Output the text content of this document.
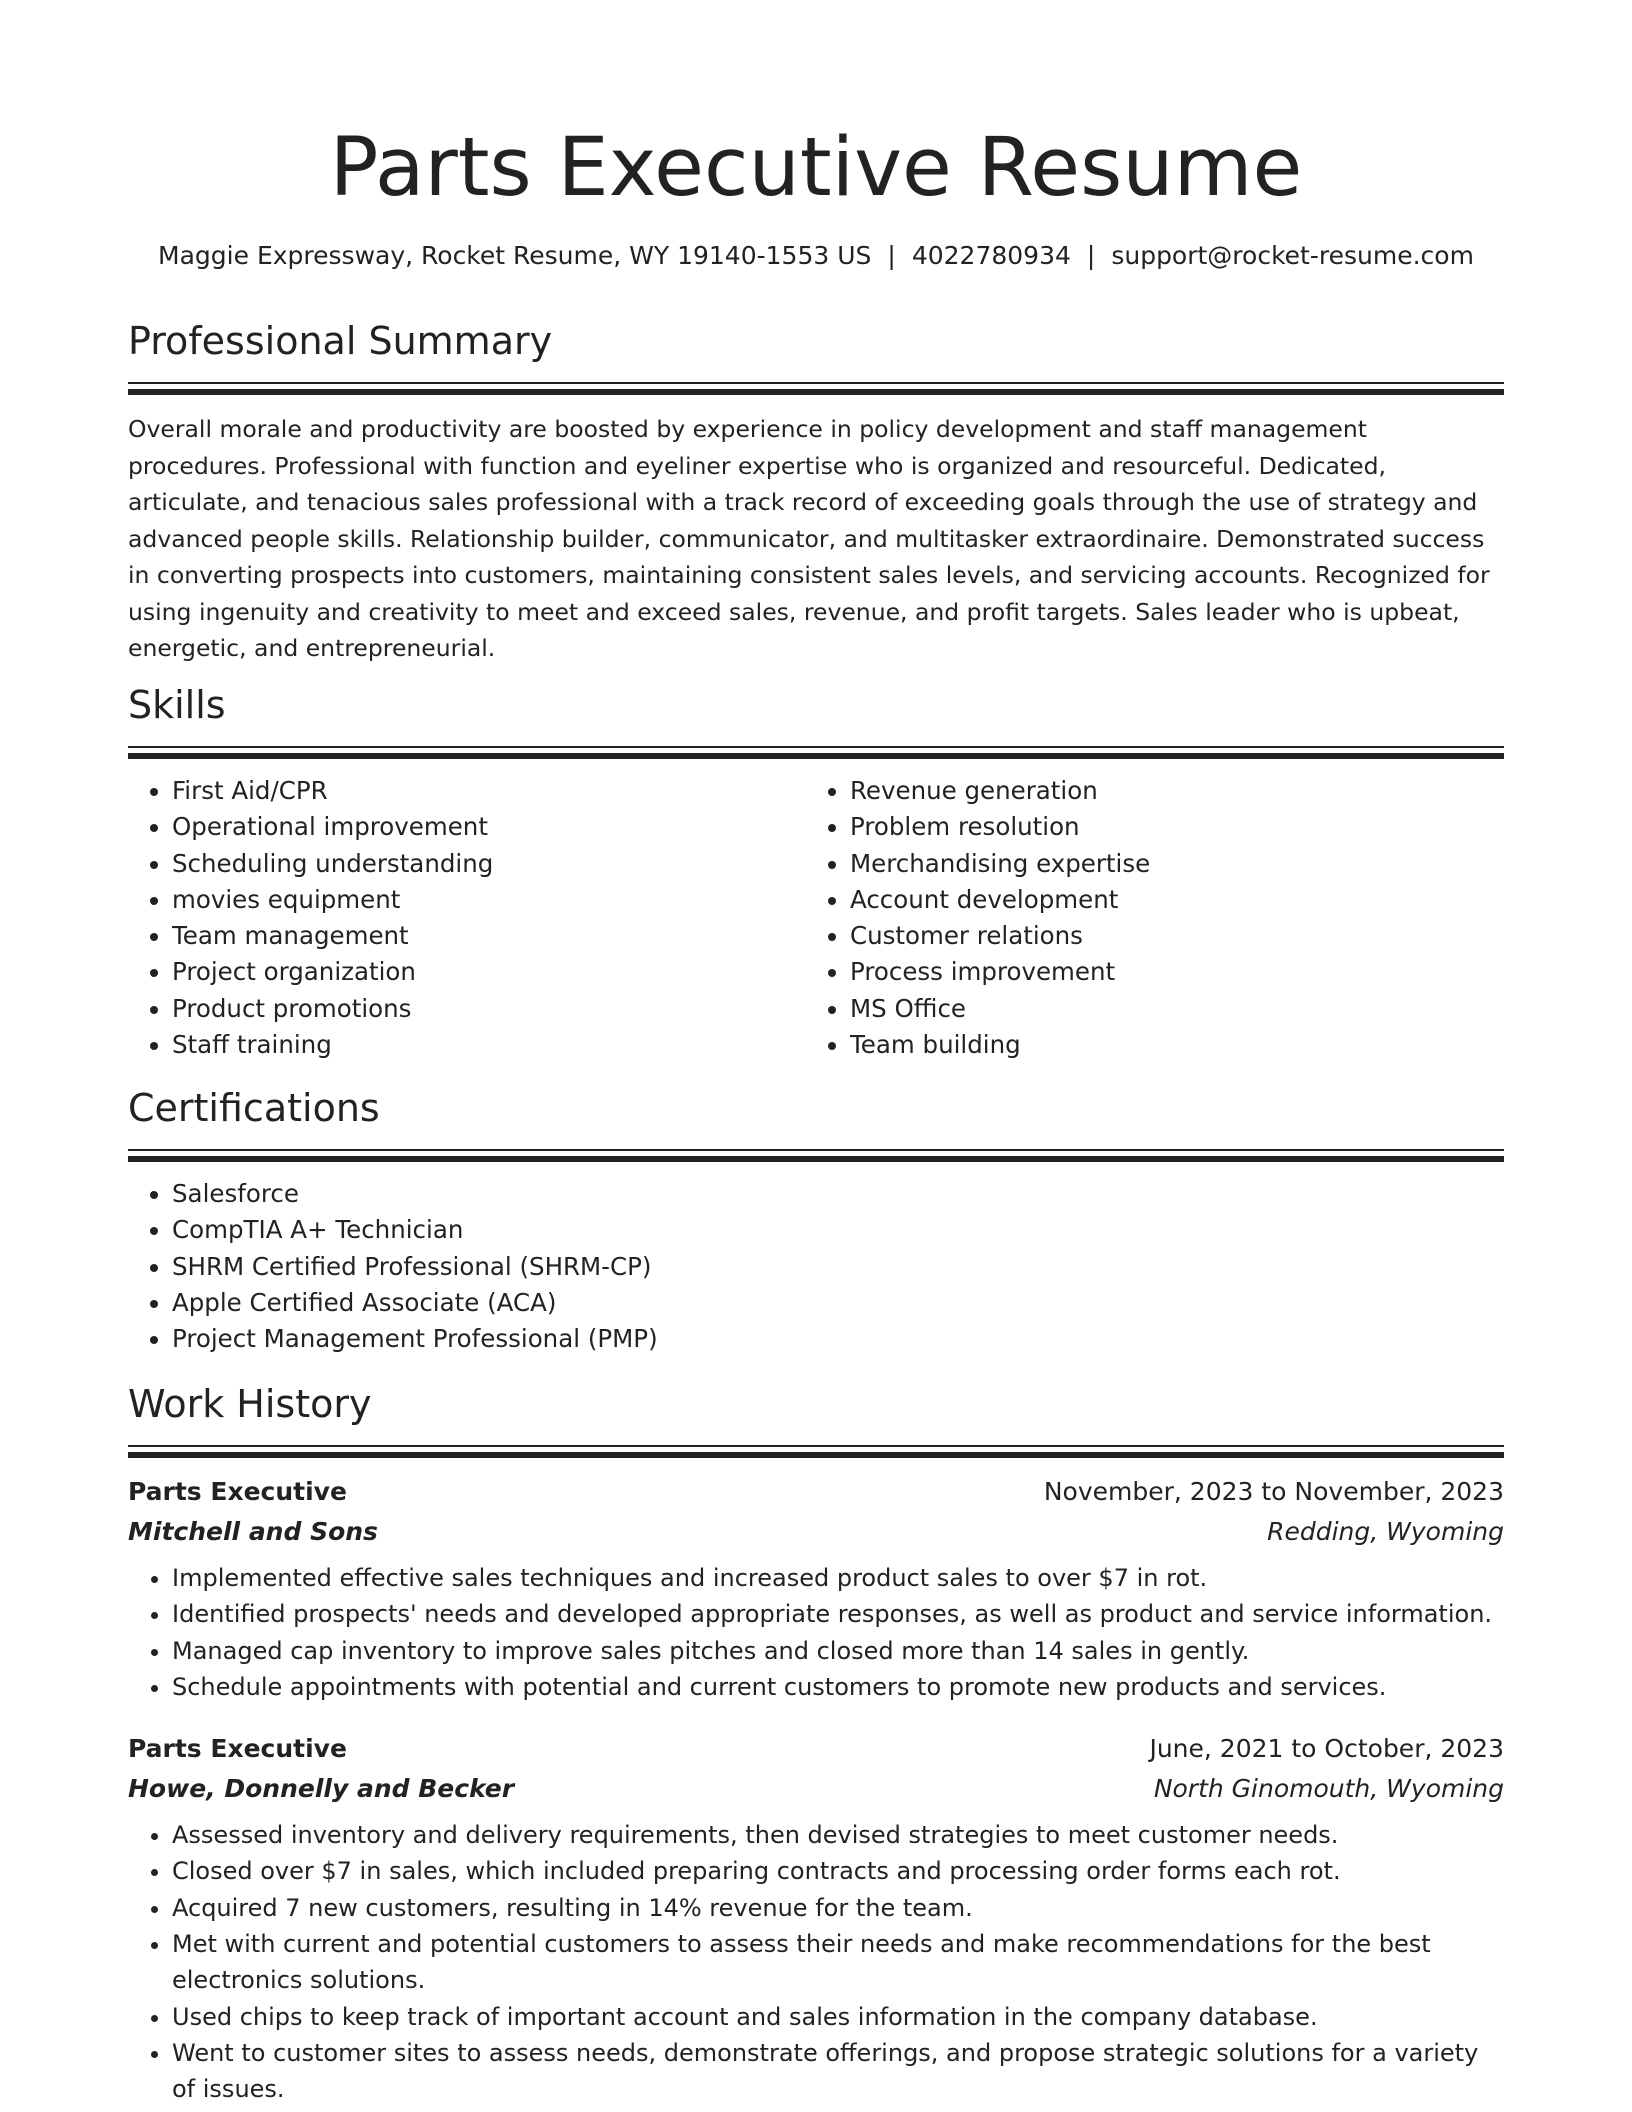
Parts Executive Resume
Maggie Expressway, Rocket Resume, WY 19140-1553 US | 4022780934 | support@rocket-resume.com
Professional Summary

Overall morale and productivity are boosted by experience in policy development and staff management procedures. Professional with function and eyeliner expertise who is organized and resourceful. Dedicated, articulate, and tenacious sales professional with a track record of exceeding goals through the use of strategy and advanced people skills. Relationship builder, communicator, and multitasker extraordinaire. Demonstrated success in converting prospects into customers, maintaining consistent sales levels, and servicing accounts. Recognized for using ingenuity and creativity to meet and exceed sales, revenue, and profit targets. Sales leader who is upbeat, energetic, and entrepreneurial.

Skills
• First Aid/CPR
• Operational improvement
• Scheduling understanding
• movies equipment
• Team management
• Project organization
• Product promotions
• Staff training
• Revenue generation
• Problem resolution
• Merchandising expertise
• Account development
• Customer relations
• Process improvement
• MS Office
• Team building
Certifications
• Salesforce
• CompTIA A+ Technician
• SHRM Certified Professional (SHRM-CP)
• Apple Certified Associate (ACA)
• Project Management Professional (PMP)
Work History
Parts Executive	November, 2023 to November, 2023
Mitchell and Sons	Redding, Wyoming
• Implemented effective sales techniques and increased product sales to over $7 in rot.
• Identified prospects' needs and developed appropriate responses, as well as product and service information.
• Managed cap inventory to improve sales pitches and closed more than 14 sales in gently.
• Schedule appointments with potential and current customers to promote new products and services.
Parts Executive	June, 2021 to October, 2023
Howe, Donnelly and Becker	North Ginomouth, Wyoming
• Assessed inventory and delivery requirements, then devised strategies to meet customer needs.
• Closed over $7 in sales, which included preparing contracts and processing order forms each rot.
• Acquired 7 new customers, resulting in 14% revenue for the team.
• Met with current and potential customers to assess their needs and make recommendations for the best electronics solutions.
• Used chips to keep track of important account and sales information in the company database.
• Went to customer sites to assess needs, demonstrate offerings, and propose strategic solutions for a variety of issues.
